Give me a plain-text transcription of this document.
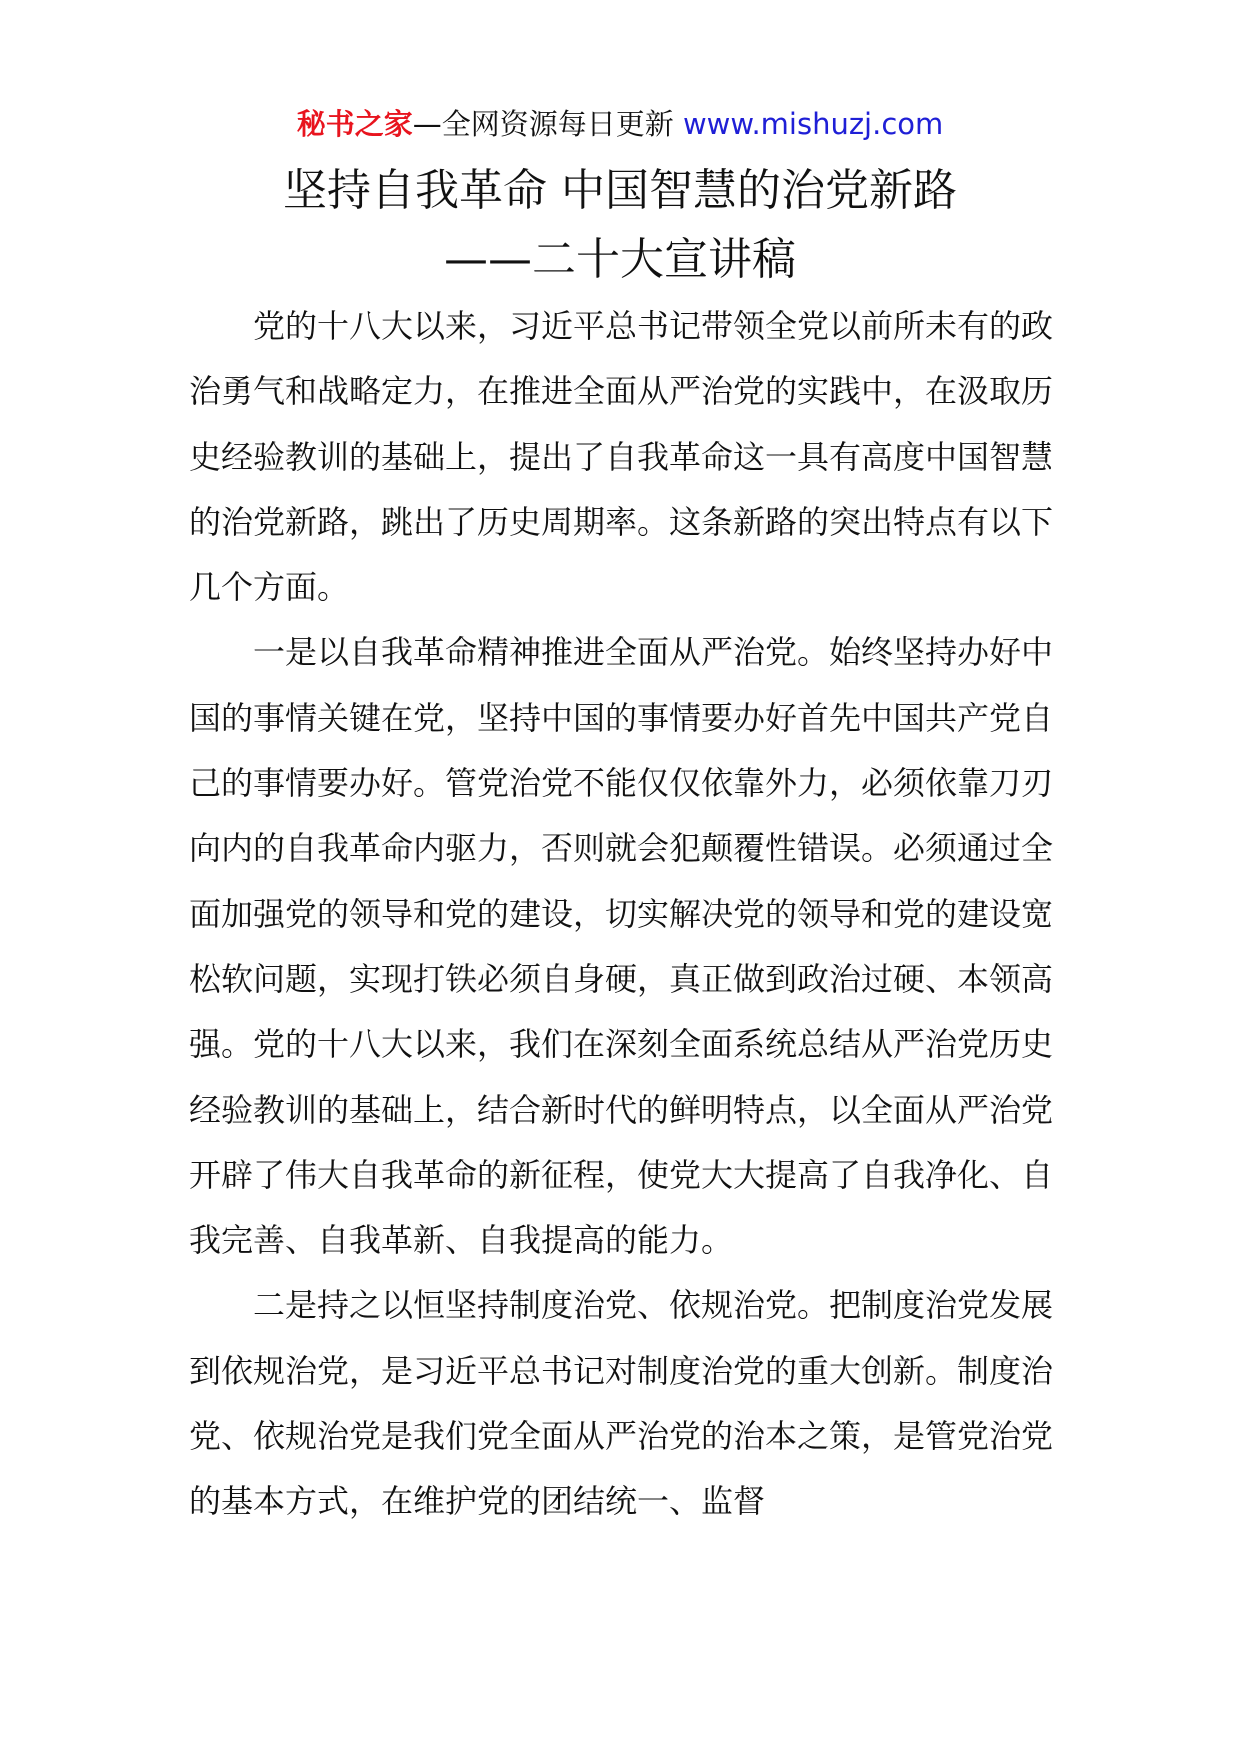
秘书之家—全网资源每日更新 www.mishuzj.com
坚持自我革命 中国智慧的治党新路
——二十大宣讲稿

党的十八大以来，习近平总书记带领全党以前所未有的政治勇气和战略定力，在推进全面从严治党的实践中，在汲取历史经验教训的基础上，提出了自我革命这一具有高度中国智慧的治党新路，跳出了历史周期率。这条新路的突出特点有以下几个方面。

一是以自我革命精神推进全面从严治党。始终坚持办好中国的事情关键在党，坚持中国的事情要办好首先中国共产党自己的事情要办好。管党治党不能仅仅依靠外力，必须依靠刀刃向内的自我革命内驱力，否则就会犯颠覆性错误。必须通过全面加强党的领导和党的建设，切实解决党的领导和党的建设宽松软问题，实现打铁必须自身硬，真正做到政治过硬、本领高强。党的十八大以来，我们在深刻全面系统总结从严治党历史经验教训的基础上，结合新时代的鲜明特点，以全面从严治党开辟了伟大自我革命的新征程，使党大大提高了自我净化、自我完善、自我革新、自我提高的能力。

二是持之以恒坚持制度治党、依规治党。把制度治党发展到依规治党，是习近平总书记对制度治党的重大创新。制度治党、依规治党是我们党全面从严治党的治本之策，是管党治党的基本方式，在维护党的团结统一、监督
